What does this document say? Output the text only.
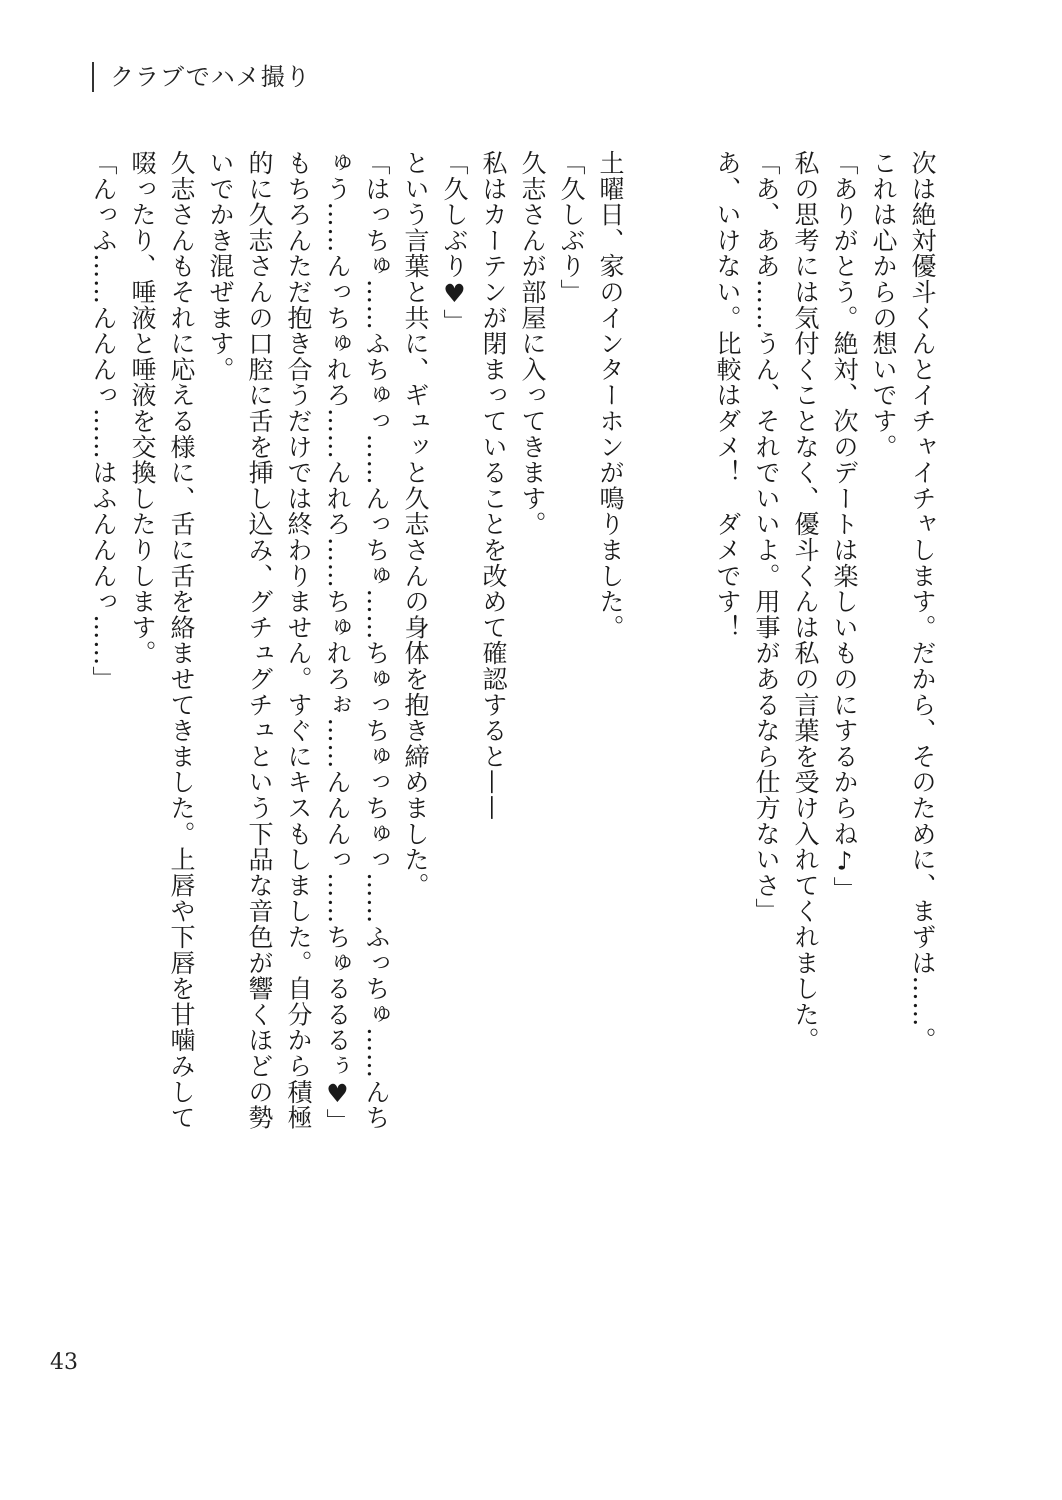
クラブでハメ撮り

次は絶対優斗くんとイチャイチャします。だから、そのために、まずは……。

これは心からの想いです。

「ありがとう。絶対、次のデートは楽しいものにするからね♪」

私の思考には気付くことなく、優斗くんは私の言葉を受け入れてくれました。

「あ、ああ……うん、それでいいよ。用事があるなら仕方ないさ」

あ、いけない。比較はダメ！　ダメです！

土曜日、家のインターホンが鳴りました。

「久しぶり」

久志さんが部屋に入ってきます。

私はカーテンが閉まっていることを改めて確認すると——

「久しぶり♥」

という言葉と共に、ギュッと久志さんの身体を抱き締めました。

「はっちゅ……ふちゅっ……んっちゅ……ちゅっちゅっちゅっ……ふっちゅ……んちゅう……んっちゅれろ……んれろ……ちゅれろぉ……んんんっ……ちゅるるるぅ♥」

もちろんただ抱き合うだけでは終わりません。すぐにキスもしました。自分から積極的に久志さんの口腔に舌を挿し込み、グチュグチュという下品な音色が響くほどの勢いでかき混ぜます。

久志さんもそれに応える様に、舌に舌を絡ませてきました。上唇や下唇を甘噛みして啜ったり、唾液と唾液を交換したりします。

「んっふ……んんんっ……はふんんんっ……」

43
